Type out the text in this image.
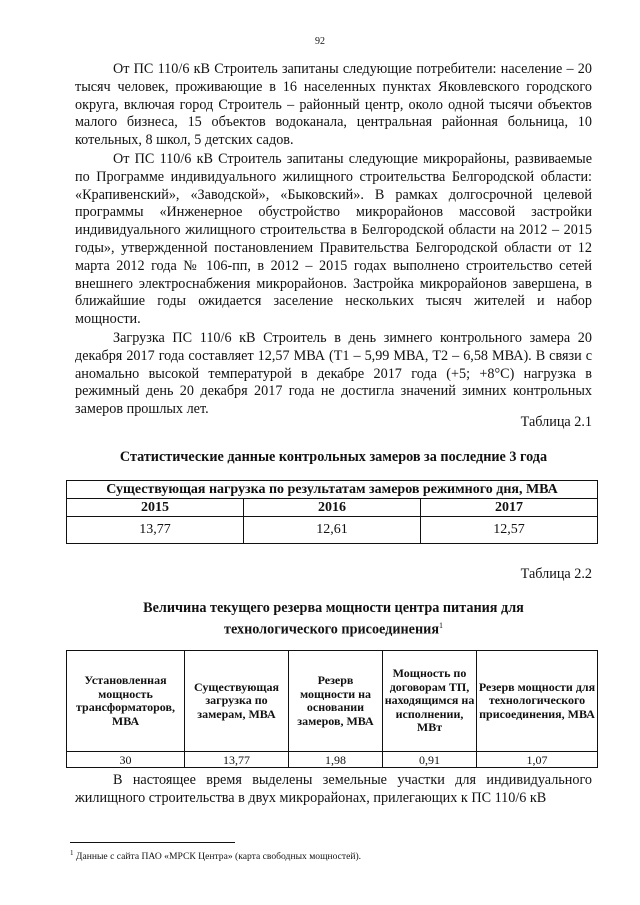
92

От ПС 110/6 кВ Строитель запитаны следующие потребители: население – 20 тысяч человек, проживающие в 16 населенных пунктах Яковлевского городского округа, включая город Строитель – районный центр, около одной тысячи объектов малого бизнеса, 15 объектов водоканала, центральная районная больница, 10 котельных, 8 школ, 5 детских садов.

От ПС 110/6 кВ Строитель запитаны следующие микрорайоны, развиваемые по Программе индивидуального жилищного строительства Белгородской области: «Крапивенский», «Заводской», «Быковский». В рамках долгосрочной целевой программы «Инженерное обустройство микрорайонов массовой застройки индивидуального жилищного строительства в Белгородской области на 2012 – 2015 годы», утвержденной постановлением Правительства Белгородской области от 12 марта 2012 года № 106-пп, в 2012 – 2015 годах выполнено строительство сетей внешнего электроснабжения микрорайонов. Застройка микрорайонов завершена, в ближайшие годы ожидается заселение нескольких тысяч жителей и набор мощности.

Загрузка ПС 110/6 кВ Строитель в день зимнего контрольного замера 20 декабря 2017 года составляет 12,57 МВА (Т1 – 5,99 МВА, Т2 – 6,58 МВА). В связи с аномально высокой температурой в декабре 2017 года (+5; +8°C) нагрузка в режимный день 20 декабря 2017 года не достигла значений зимних контрольных замеров прошлых лет.

Таблица 2.1
Статистические данные контрольных замеров за последние 3 года
Существующая нагрузка по результатам замеров режимного дня, МВА		
2015	2016	2017
13,77	12,61	12,57
Таблица 2.2
Величина текущего резерва мощности центра питания для технологического присоединения$^1$
Установленная мощность трансформаторов, МВА	Существующая загрузка по замерам, МВА	Резерв мощности на основании замеров, МВА	Мощность по договорам ТП, находящимся на исполнении, МВт	Резерв мощности для технологического присоединения, МВА
30	13,77	1,98	0,91	1,07

В настоящее время выделены земельные участки для индивидуального жилищного строительства в двух микрорайонах, прилегающих к ПС 110/6 кВ

$^1$ Данные с сайта ПАО «МРСК Центра» (карта свободных мощностей).
